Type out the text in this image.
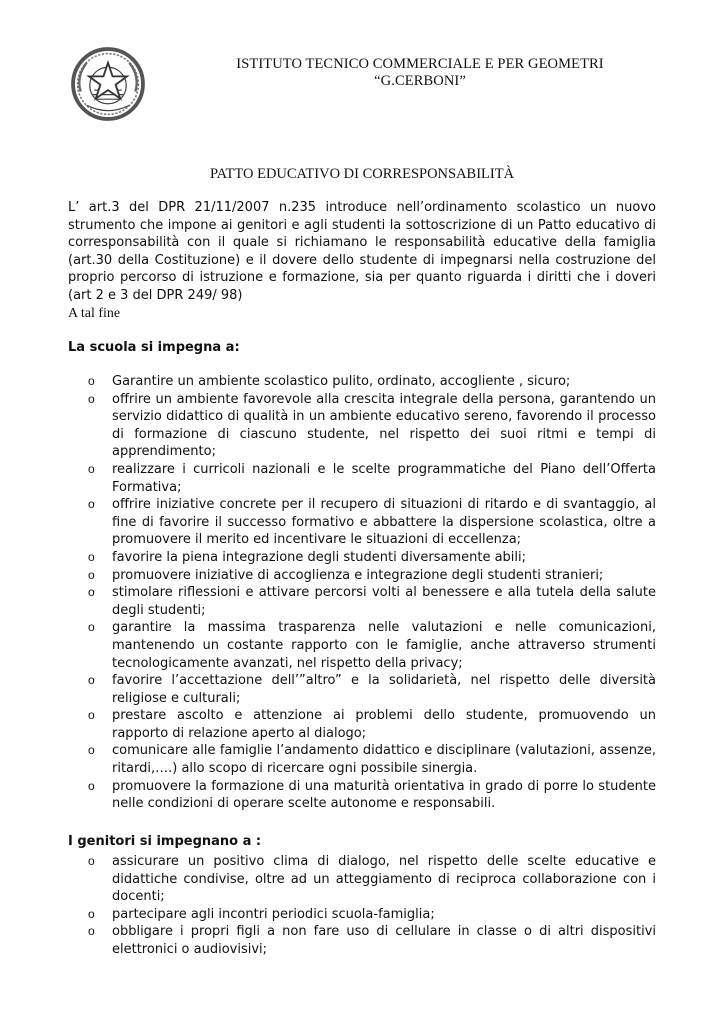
ISTITUTO TECNICO COMMERCIALE E PER GEOMETRI
“G.CERBONI”
PATTO EDUCATIVO DI CORRESPONSABILITÀ
L’ art.3 del DPR 21/11/2007 n.235 introduce nell’ordinamento scolastico un nuovo strumento che impone ai genitori e agli studenti la sottoscrizione di un Patto educativo di corresponsabilità con il quale si richiamano le responsabilità educative della famiglia (art.30 della Costituzione) e il dovere dello studente di impegnarsi nella costruzione del proprio percorso di istruzione e formazione, sia per quanto riguarda i diritti che i doveri (art 2 e 3 del DPR 249/ 98)
A tal fine
La scuola si impegna a:
o Garantire un ambiente scolastico pulito, ordinato, accogliente , sicuro;
o offrire un ambiente favorevole alla crescita integrale della persona, garantendo un servizio didattico di qualità in un ambiente educativo sereno, favorendo il processo di formazione di ciascuno studente, nel rispetto dei suoi ritmi e tempi di apprendimento;
o realizzare i curricoli nazionali e le scelte programmatiche del Piano dell’Offerta Formativa;
o offrire iniziative concrete per il recupero di situazioni di ritardo e di svantaggio, al fine di favorire il successo formativo e abbattere la dispersione scolastica, oltre a promuovere il merito ed incentivare le situazioni di eccellenza;
o favorire la piena integrazione degli studenti diversamente abili;
o promuovere iniziative di accoglienza e integrazione degli studenti stranieri;
o stimolare riflessioni e attivare percorsi volti al benessere e alla tutela della salute degli studenti;
o garantire la massima trasparenza nelle valutazioni e nelle comunicazioni, mantenendo un costante rapporto con le famiglie, anche attraverso strumenti tecnologicamente avanzati, nel rispetto della privacy;
o favorire l’accettazione dell’”altro” e la solidarietà, nel rispetto delle diversità religiose e culturali;
o prestare ascolto e attenzione ai problemi dello studente, promuovendo un rapporto di relazione aperto al dialogo;
o comunicare alle famiglie l’andamento didattico e disciplinare (valutazioni, assenze, ritardi,….) allo scopo di ricercare ogni possibile sinergia.
o promuovere la formazione di una maturità orientativa in grado di porre lo studente nelle condizioni di operare scelte autonome e responsabili.
I genitori si impegnano a :
o assicurare un positivo clima di dialogo, nel rispetto delle scelte educative e didattiche condivise, oltre ad un atteggiamento di reciproca collaborazione con i docenti;
o partecipare agli incontri periodici scuola-famiglia;
o obbligare i propri figli a non fare uso di cellulare in classe o di altri dispositivi elettronici o audiovisivi;
